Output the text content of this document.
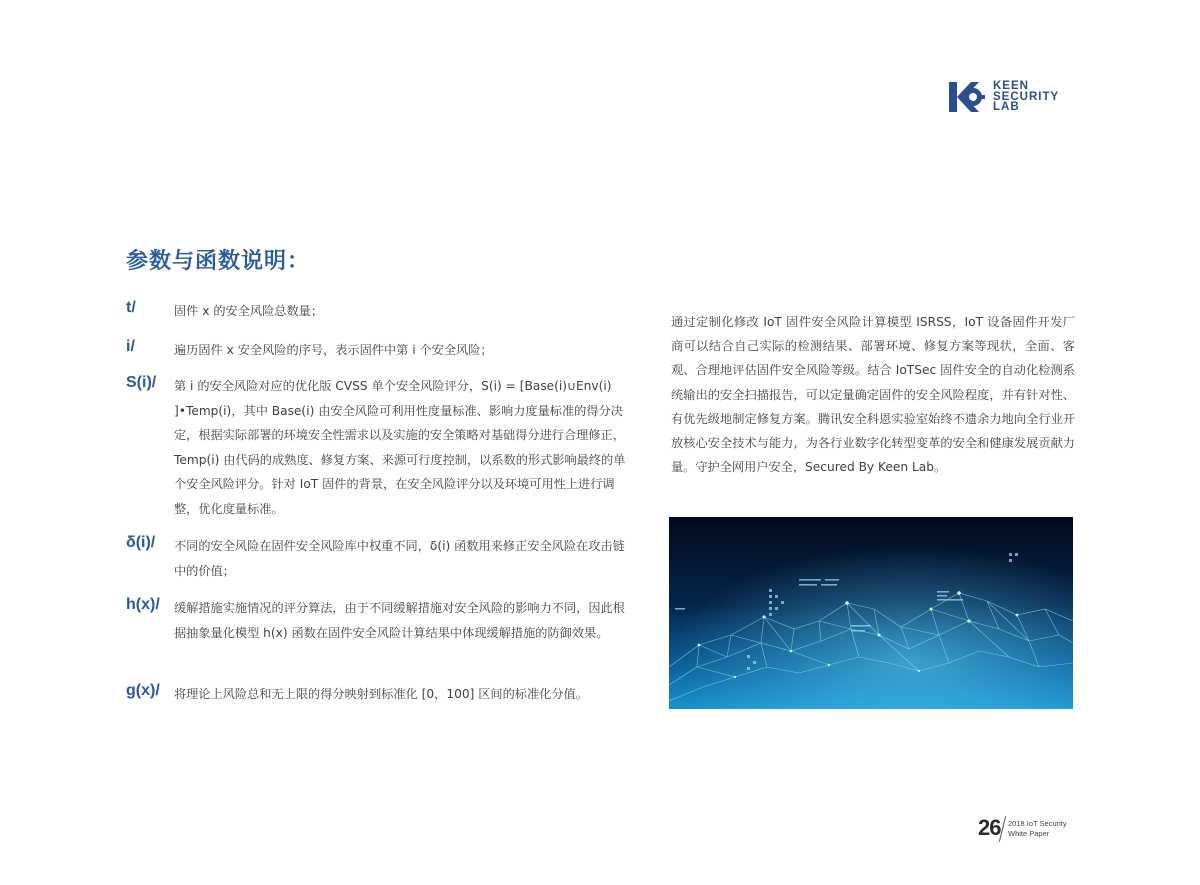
KEEN
SECURITY
LAB
参数与函数说明：
t/	固件 x 的安全风险总数量；
i/	遍历固件 x 安全风险的序号，表示固件中第 i 个安全风险；
S(i)/ 第 i 的安全风险对应的优化版 CVSS 单个安全风险评分，S(i) = [Base(i)∪Env(i) ]•Temp(i)，其中 Base(i) 由安全风险可利用性度量标准、影响力度量标准的得分决定，根据实际部署的环境安全性需求以及实施的安全策略对基础得分进行合理修正，Temp(i) 由代码的成熟度、修复方案、来源可行度控制，以系数的形式影响最终的单个安全风险评分。针对 IoT 固件的背景，在安全风险评分以及环境可用性上进行调整，优化度量标准。
δ(i)/ 不同的安全风险在固件安全风险库中权重不同，δ(i) 函数用来修正安全风险在攻击链中的价值；
h(x)/ 缓解措施实施情况的评分算法，由于不同缓解措施对安全风险的影响力不同，因此根据抽象量化模型 h(x) 函数在固件安全风险计算结果中体现缓解措施的防御效果。
g(x)/ 将理论上风险总和无上限的得分映射到标准化 [0，100] 区间的标准化分值。
通过定制化修改 IoT 固件安全风险计算模型 ISRSS，IoT 设备固件开发厂商可以结合自己实际的检测结果、部署环境、修复方案等现状，全面、客观、合理地评估固件安全风险等级。结合 IoTSec 固件安全的自动化检测系统输出的安全扫描报告，可以定量确定固件的安全风险程度，并有针对性、有优先级地制定修复方案。腾讯安全科恩实验室始终不遗余力地向全行业开放核心安全技术与能力，为各行业数字化转型变革的安全和健康发展贡献力量。守护全网用户安全，Secured By Keen Lab。
26 2018 IoT Security
White Paper
